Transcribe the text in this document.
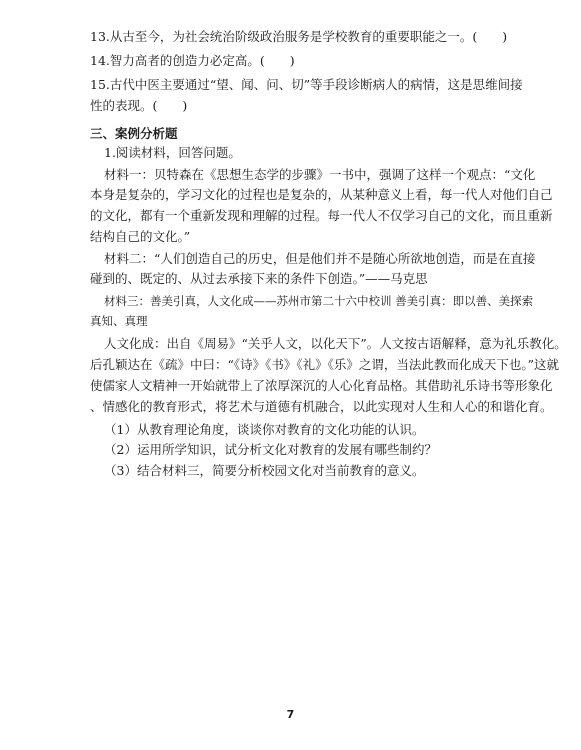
13.从古至今，为社会统治阶级政治服务是学校教育的重要职能之一。(　　)
14.智力高者的创造力必定高。(　　)
15.古代中医主要通过“望、闻、问、切”等手段诊断病人的病情，这是思维间接
性的表现。(　　)
三、案例分析题
1.阅读材料，回答问题。
材料一：贝特森在《思想生态学的步骤》一书中，强调了这样一个观点：“文化
本身是复杂的，学习文化的过程也是复杂的，从某种意义上看，每一代人对他们自己
的文化，都有一个重新发现和理解的过程。每一代人不仅学习自己的文化，而且重新
结构自己的文化。”
材料二：“人们创造自己的历史，但是他们并不是随心所欲地创造，而是在直接
碰到的、既定的、从过去承接下来的条件下创造。”——马克思
材料三：善美引真，人文化成——苏州市第二十六中校训 善美引真：即以善、美探索
真知、真理
人文化成：出自《周易》“关乎人文，以化天下”。人文按古语解释，意为礼乐教化。
后孔颖达在《疏》中曰：“《诗》《书》《礼》《乐》之谓，当法此教而化成天下也。”这就
使儒家人文精神一开始就带上了浓厚深沉的人心化育品格。其借助礼乐诗书等形象化
、情感化的教育形式，将艺术与道德有机融合，以此实现对人生和人心的和谐化育。
（1）从教育理论角度，谈谈你对教育的文化功能的认识。
（2）运用所学知识，试分析文化对教育的发展有哪些制约？
（3）结合材料三，简要分析校园文化对当前教育的意义。
7
